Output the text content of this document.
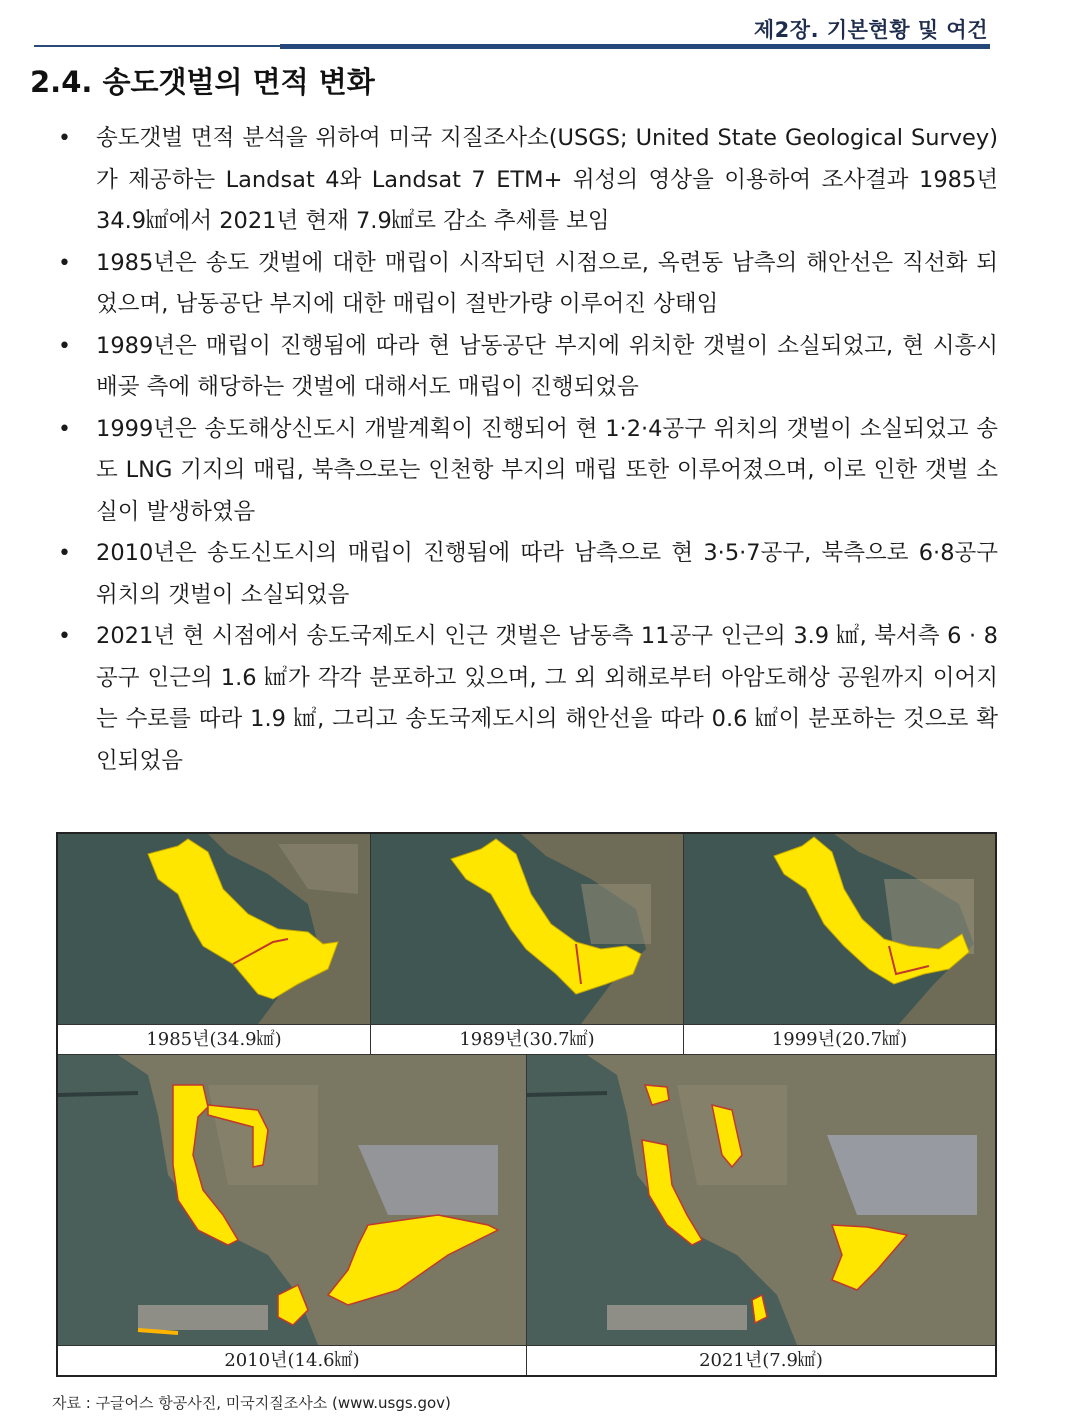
제2장. 기본현황 및 여건
2.4. 송도갯벌의 면적 변화
• 송도갯벌 면적 분석을 위하여 미국 지질조사소(USGS; United State Geological Survey)가 제공하는 Landsat 4와 Landsat 7 ETM+ 위성의 영상을 이용하여 조사결과 1985년 34.9㎢에서 2021년 현재 7.9㎢로 감소 추세를 보임
• 1985년은 송도 갯벌에 대한 매립이 시작되던 시점으로, 옥련동 남측의 해안선은 직선화 되었으며, 남동공단 부지에 대한 매립이 절반가량 이루어진 상태임
• 1989년은 매립이 진행됨에 따라 현 남동공단 부지에 위치한 갯벌이 소실되었고, 현 시흥시 배곶 측에 해당하는 갯벌에 대해서도 매립이 진행되었음
• 1999년은 송도해상신도시 개발계획이 진행되어 현 1·2·4공구 위치의 갯벌이 소실되었고 송도 LNG 기지의 매립, 북측으로는 인천항 부지의 매립 또한 이루어졌으며, 이로 인한 갯벌 소실이 발생하였음
• 2010년은 송도신도시의 매립이 진행됨에 따라 남측으로 현 3·5·7공구, 북측으로 6·8공구 위치의 갯벌이 소실되었음
• 2021년 현 시점에서 송도국제도시 인근 갯벌은 남동측 11공구 인근의 3.9 ㎢, 북서측 6 · 8공구 인근의 1.6 ㎢가 각각 분포하고 있으며, 그 외 외해로부터 아암도해상 공원까지 이어지는 수로를 따라 1.9 ㎢, 그리고 송도국제도시의 해안선을 따라 0.6 ㎢이 분포하는 것으로 확인되었음
1985년(34.9㎢)	1989년(30.7㎢)	1999년(20.7㎢)
2010년(14.6㎢)	2021년(7.9㎢)
자료 : 구글어스 항공사진, 미국지질조사소 (www.usgs.gov)
